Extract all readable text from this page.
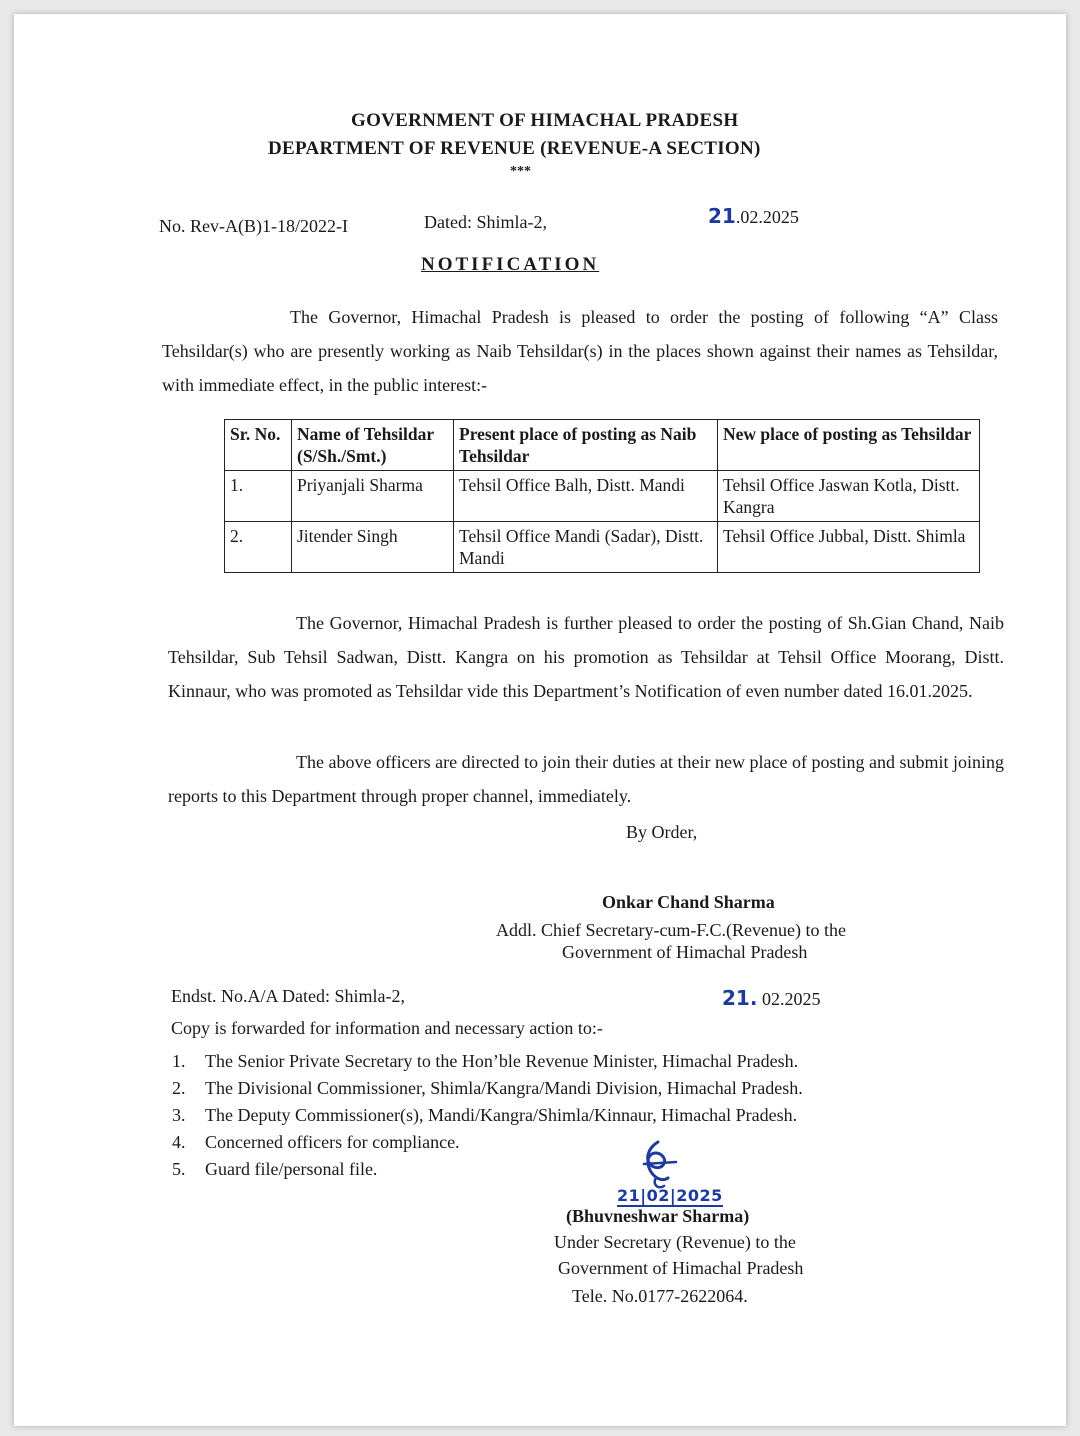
GOVERNMENT OF HIMACHAL PRADESH
DEPARTMENT OF REVENUE (REVENUE-A SECTION)
***
No. Rev-A(B)1-18/2022-I	Dated: Shimla-2,	21.02.2025
NOTIFICATION
The Governor, Himachal Pradesh is pleased to order the posting of following “A” Class Tehsildar(s) who are presently working as Naib Tehsildar(s) in the places shown against their names as Tehsildar, with immediate effect, in the public interest:-
Sr. No.	Name of Tehsildar (S/Sh./Smt.)	Present place of posting as Naib Tehsildar	New place of posting as Tehsildar
1.	Priyanjali Sharma	Tehsil Office Balh, Distt. Mandi	Tehsil Office Jaswan Kotla, Distt. Kangra
2.	Jitender Singh	Tehsil Office Mandi (Sadar), Distt. Mandi	Tehsil Office Jubbal, Distt. Shimla
The Governor, Himachal Pradesh is further pleased to order the posting of Sh.Gian Chand, Naib Tehsildar, Sub Tehsil Sadwan, Distt. Kangra on his promotion as Tehsildar at Tehsil Office Moorang, Distt. Kinnaur, who was promoted as Tehsildar vide this Department’s Notification of even number dated 16.01.2025.
The above officers are directed to join their duties at their new place of posting and submit joining reports to this Department through proper channel, immediately.
By Order,
Onkar Chand Sharma
Addl. Chief Secretary-cum-F.C.(Revenue) to the
Government of Himachal Pradesh
Endst. No.A/A Dated: Shimla-2,	21. 02.2025
Copy is forwarded for information and necessary action to:-
1. The Senior Private Secretary to the Hon’ble Revenue Minister, Himachal Pradesh.
2. The Divisional Commissioner, Shimla/Kangra/Mandi Division, Himachal Pradesh.
3. The Deputy Commissioner(s), Mandi/Kangra/Shimla/Kinnaur, Himachal Pradesh.
4. Concerned officers for compliance.
5. Guard file/personal file.
21|02|2025
(Bhuvneshwar Sharma)
Under Secretary (Revenue) to the
Government of Himachal Pradesh
Tele. No.0177-2622064.
